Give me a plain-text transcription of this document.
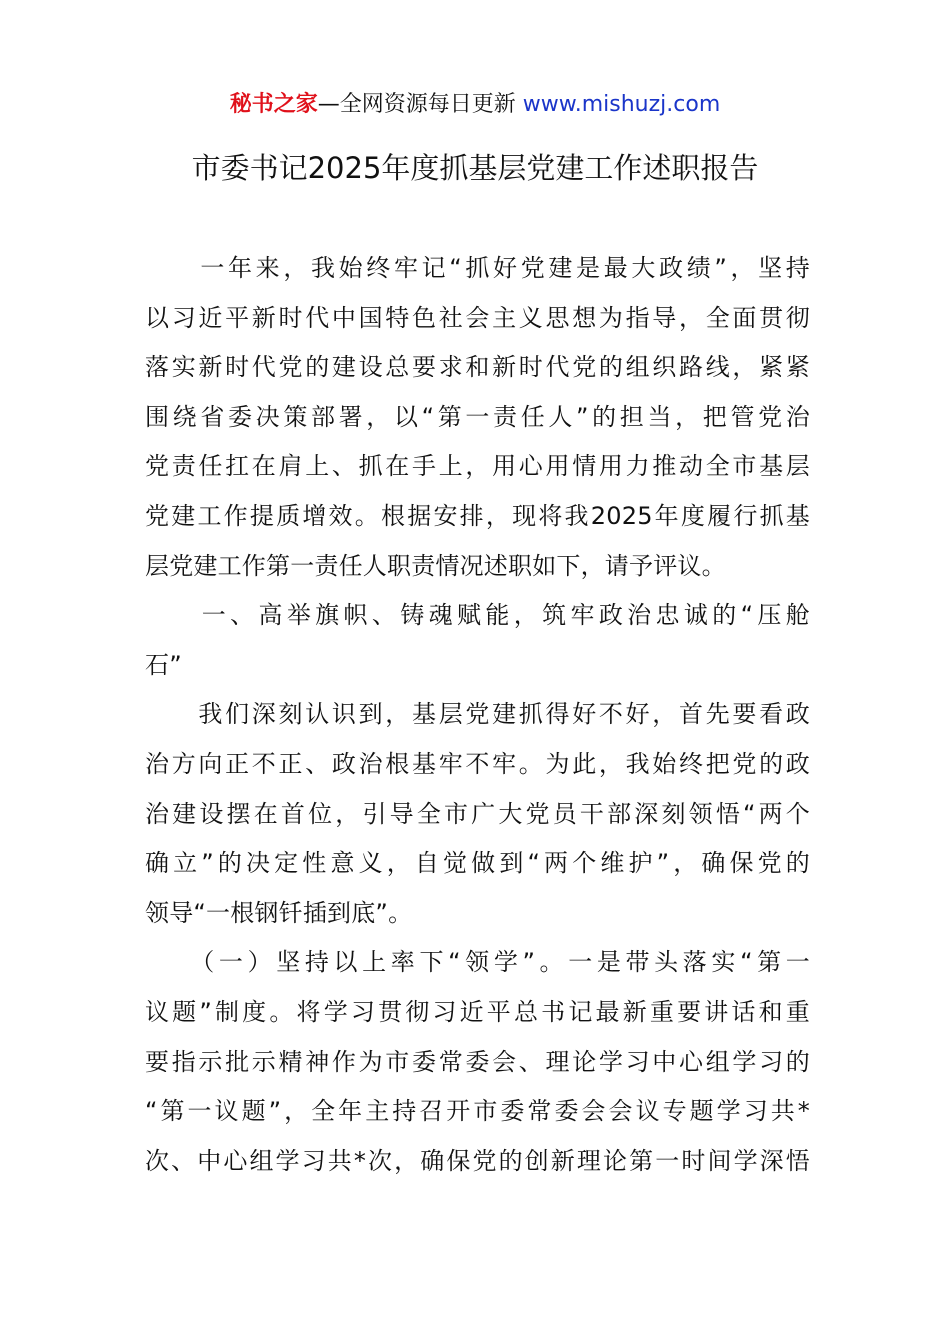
秘书之家—全网资源每日更新 www.mishuzj.com
市委书记2025年度抓基层党建工作述职报告
　　一年来，我始终牢记“抓好党建是最大政绩”，坚持
以习近平新时代中国特色社会主义思想为指导，全面贯彻
落实新时代党的建设总要求和新时代党的组织路线，紧紧
围绕省委决策部署，以“第一责任人”的担当，把管党治
党责任扛在肩上、抓在手上，用心用情用力推动全市基层
党建工作提质增效。根据安排，现将我2025年度履行抓基
层党建工作第一责任人职责情况述职如下，请予评议。
　　一、高举旗帜、铸魂赋能，筑牢政治忠诚的“压舱
石”
　　我们深刻认识到，基层党建抓得好不好，首先要看政
治方向正不正、政治根基牢不牢。为此，我始终把党的政
治建设摆在首位，引导全市广大党员干部深刻领悟“两个
确立”的决定性意义，自觉做到“两个维护”，确保党的
领导“一根钢钎插到底”。
　　（一）坚持以上率下“领学”。一是带头落实“第一
议题”制度。将学习贯彻习近平总书记最新重要讲话和重
要指示批示精神作为市委常委会、理论学习中心组学习的
“第一议题”，全年主持召开市委常委会会议专题学习共*
次、中心组学习共*次，确保党的创新理论第一时间学深悟
